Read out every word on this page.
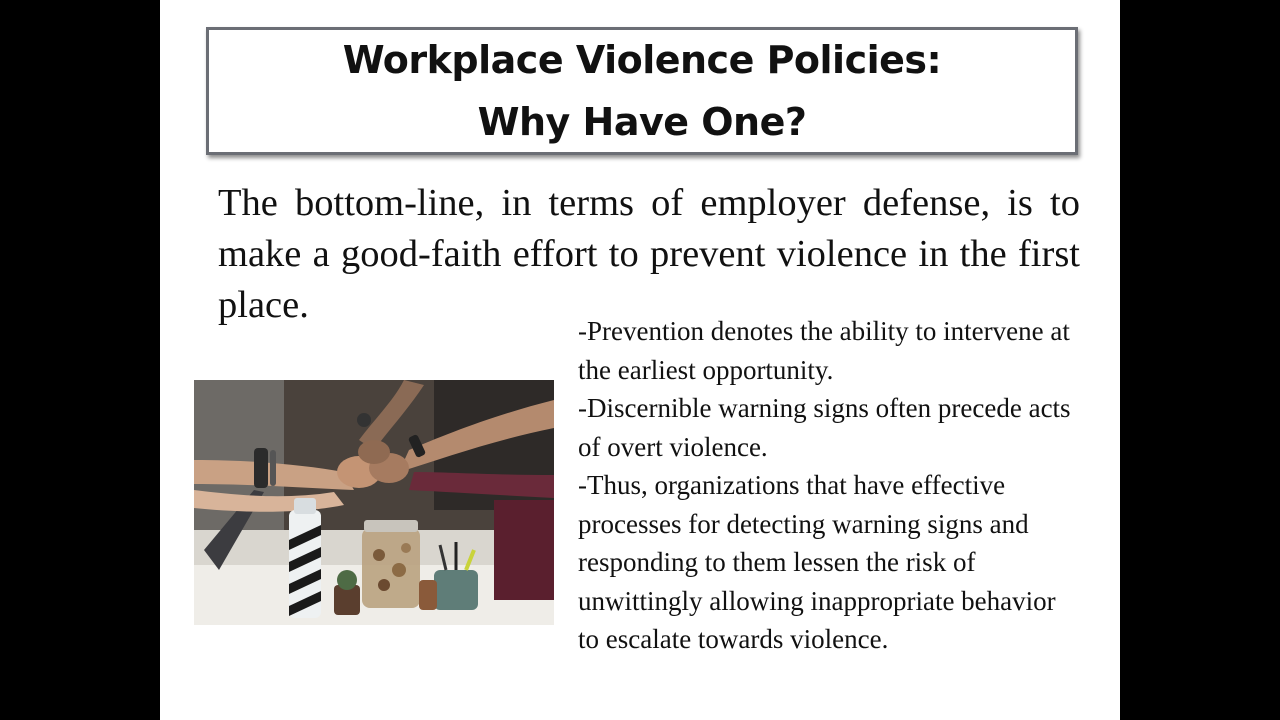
Workplace Violence Policies:
Why Have One?
The bottom-line, in terms of employer defense, is to make a good-faith effort to prevent violence in the first place.
-Prevention denotes the ability to intervene at the earliest opportunity.
-Discernible warning signs often precede acts of overt violence.
-Thus, organizations that have effective processes for detecting warning signs and responding to them lessen the risk of unwittingly allowing inappropriate behavior to escalate towards violence.
